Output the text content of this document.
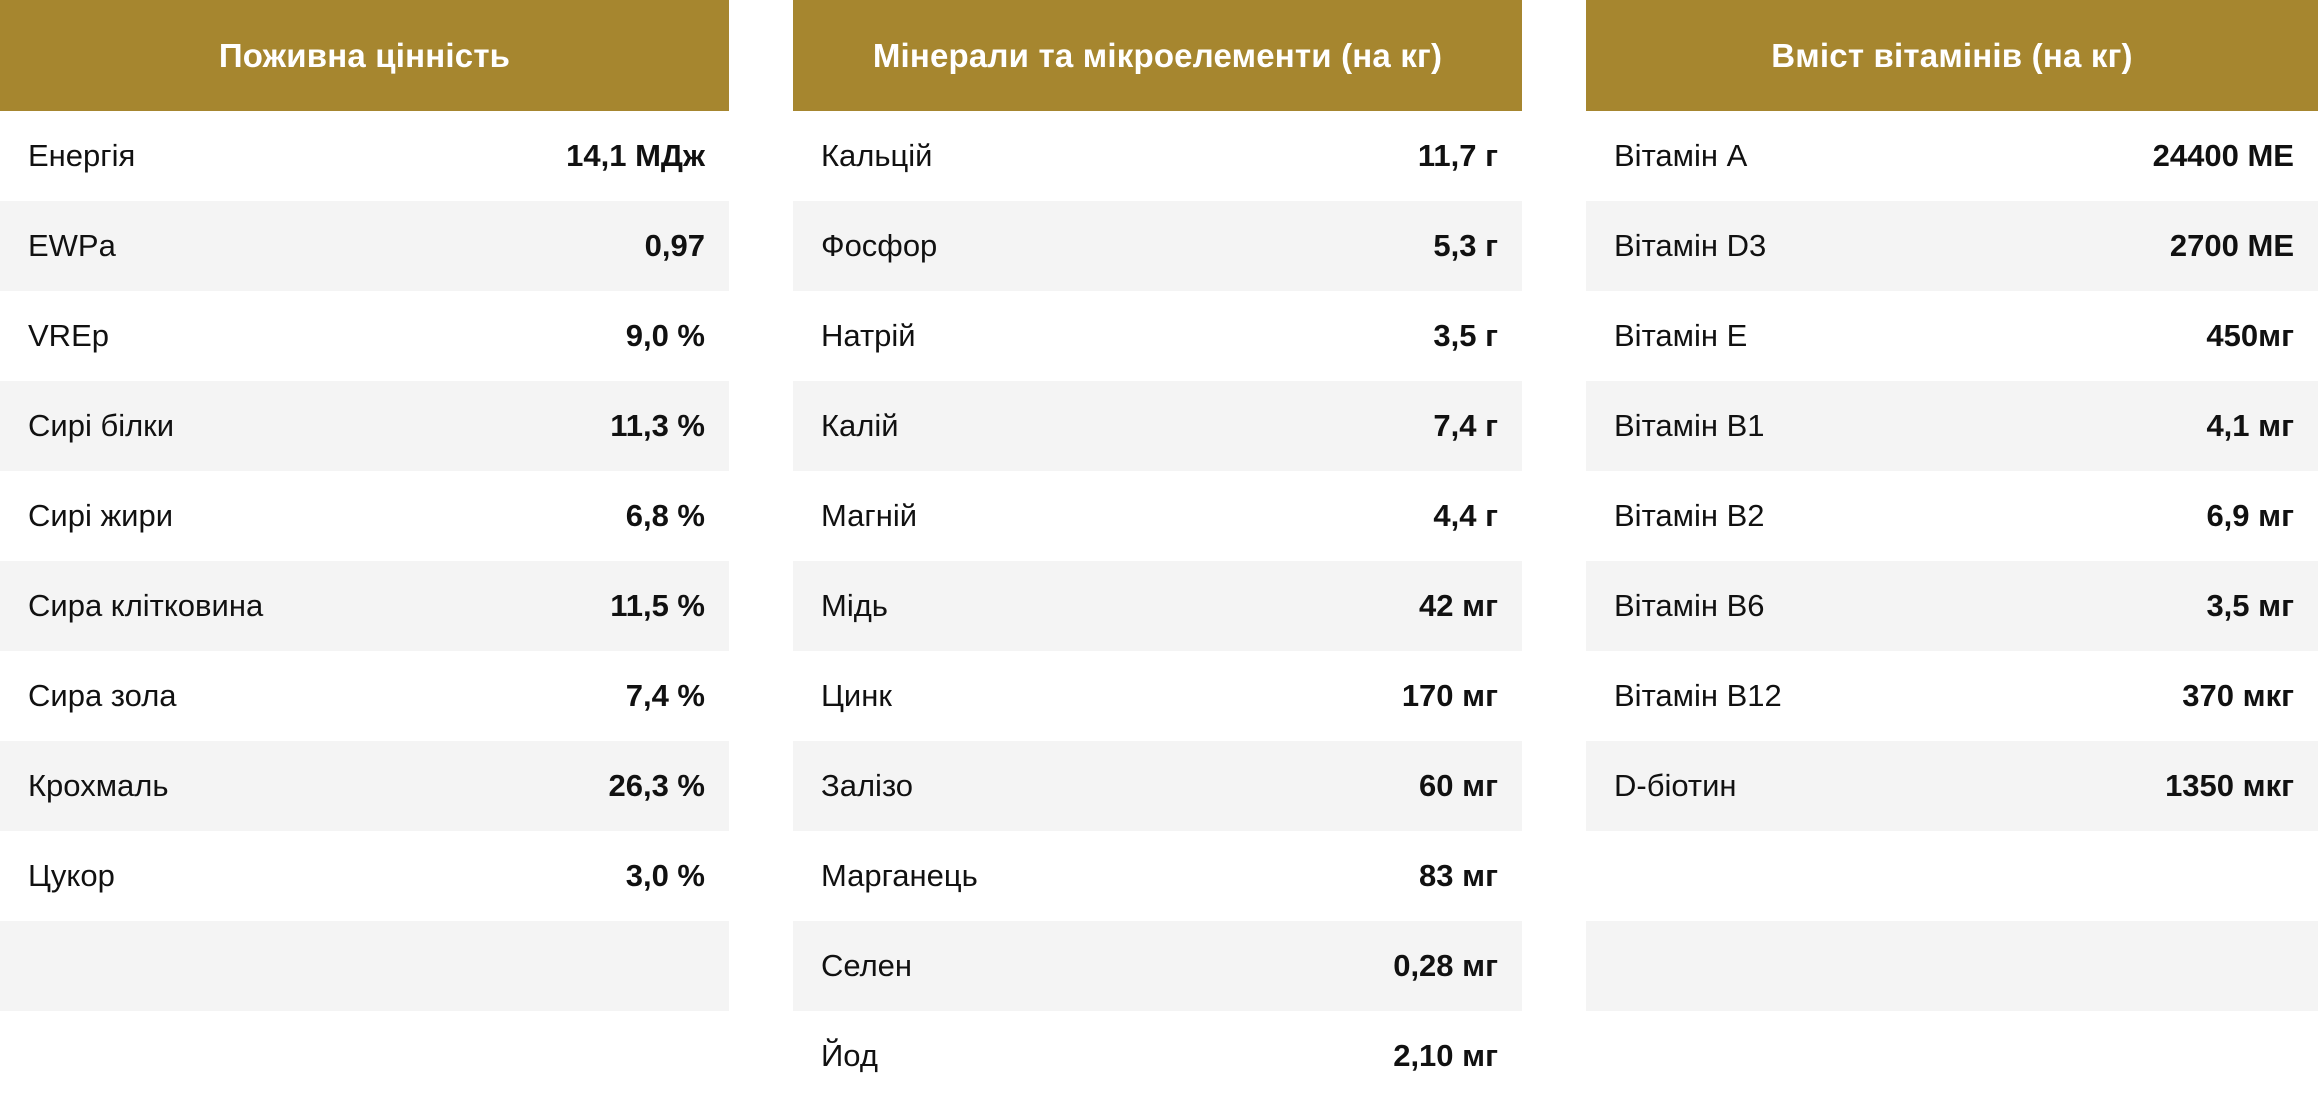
Поживна цінність
Енергія	14,1 МДж
EWPa	0,97
VREp	9,0 %
Сирі білки	11,3 %
Сирі жири	6,8 %
Сира клітковина	11,5 %
Сира зола	7,4 %
Крохмаль	26,3 %
Цукор	3,0 %
Мінерали та мікроелементи (на кг)
Кальцій	11,7 г
Фосфор	5,3 г
Натрій	3,5 г
Калій	7,4 г
Магній	4,4 г
Мідь	42 мг
Цинк	170 мг
Залізо	60 мг
Марганець	83 мг
Селен	0,28 мг
Йод	2,10 мг
Вміст вітамінів (на кг)
Вітамін A	24400 МЕ
Вітамін D3	2700 МЕ
Вітамін E	450мг
Вітамін B1	4,1 мг
Вітамін B2	6,9 мг
Вітамін B6	3,5 мг
Вітамін B12	370 мкг
D-біотин	1350 мкг
